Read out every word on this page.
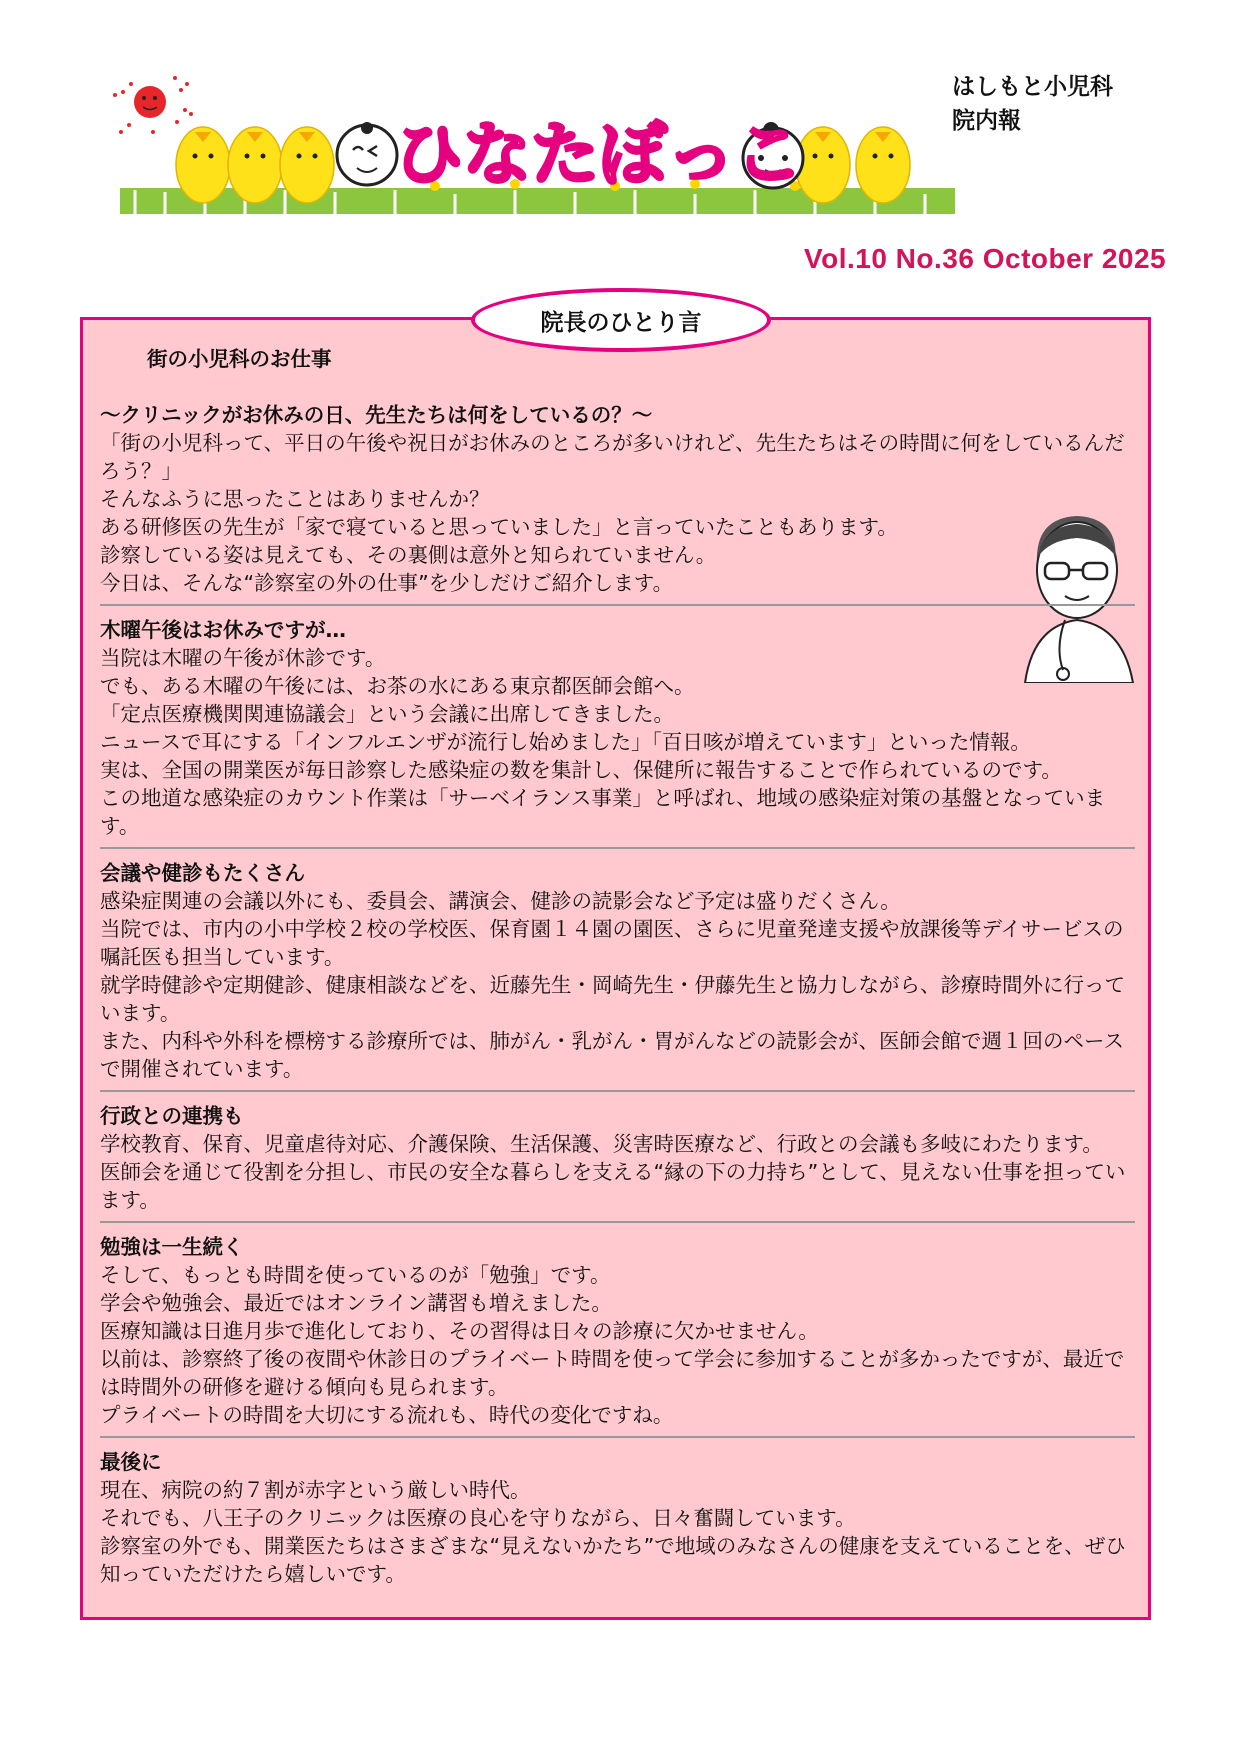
ひなたぼっこ
はしもと小児科
院内報
Vol.10 No.36 October 2025
院長のひとり言

街の小児科のお仕事

～クリニックがお休みの日、先生たちは何をしているの？～

「街の小児科って、平日の午後や祝日がお休みのところが多いけれど、先生たちはその時間に何をしているんだろう？」

そんなふうに思ったことはありませんか？

ある研修医の先生が「家で寝ていると思っていました」と言っていたこともあります。

診察している姿は見えても、その裏側は意外と知られていません。

今日は、そんな“診察室の外の仕事”を少しだけご紹介します。

木曜午後はお休みですが…

当院は木曜の午後が休診です。

でも、ある木曜の午後には、お茶の水にある東京都医師会館へ。

「定点医療機関関連協議会」という会議に出席してきました。

ニュースで耳にする「インフルエンザが流行し始めました」「百日咳が増えています」といった情報。

実は、全国の開業医が毎日診察した感染症の数を集計し、保健所に報告することで作られているのです。

この地道な感染症のカウント作業は「サーベイランス事業」と呼ばれ、地域の感染症対策の基盤となっています。

会議や健診もたくさん

感染症関連の会議以外にも、委員会、講演会、健診の読影会など予定は盛りだくさん。

当院では、市内の小中学校２校の学校医、保育園１４園の園医、さらに児童発達支援や放課後等デイサービスの嘱託医も担当しています。

就学時健診や定期健診、健康相談などを、近藤先生・岡崎先生・伊藤先生と協力しながら、診療時間外に行っています。

また、内科や外科を標榜する診療所では、肺がん・乳がん・胃がんなどの読影会が、医師会館で週１回のペースで開催されています。

行政との連携も

学校教育、保育、児童虐待対応、介護保険、生活保護、災害時医療など、行政との会議も多岐にわたります。

医師会を通じて役割を分担し、市民の安全な暮らしを支える“縁の下の力持ち”として、見えない仕事を担っています。

勉強は一生続く

そして、もっとも時間を使っているのが「勉強」です。

学会や勉強会、最近ではオンライン講習も増えました。

医療知識は日進月歩で進化しており、その習得は日々の診療に欠かせません。

以前は、診察終了後の夜間や休診日のプライベート時間を使って学会に参加することが多かったですが、最近では時間外の研修を避ける傾向も見られます。

プライベートの時間を大切にする流れも、時代の変化ですね。

最後に

現在、病院の約７割が赤字という厳しい時代。

それでも、八王子のクリニックは医療の良心を守りながら、日々奮闘しています。

診察室の外でも、開業医たちはさまざまな“見えないかたち”で地域のみなさんの健康を支えていることを、ぜひ知っていただけたら嬉しいです。
